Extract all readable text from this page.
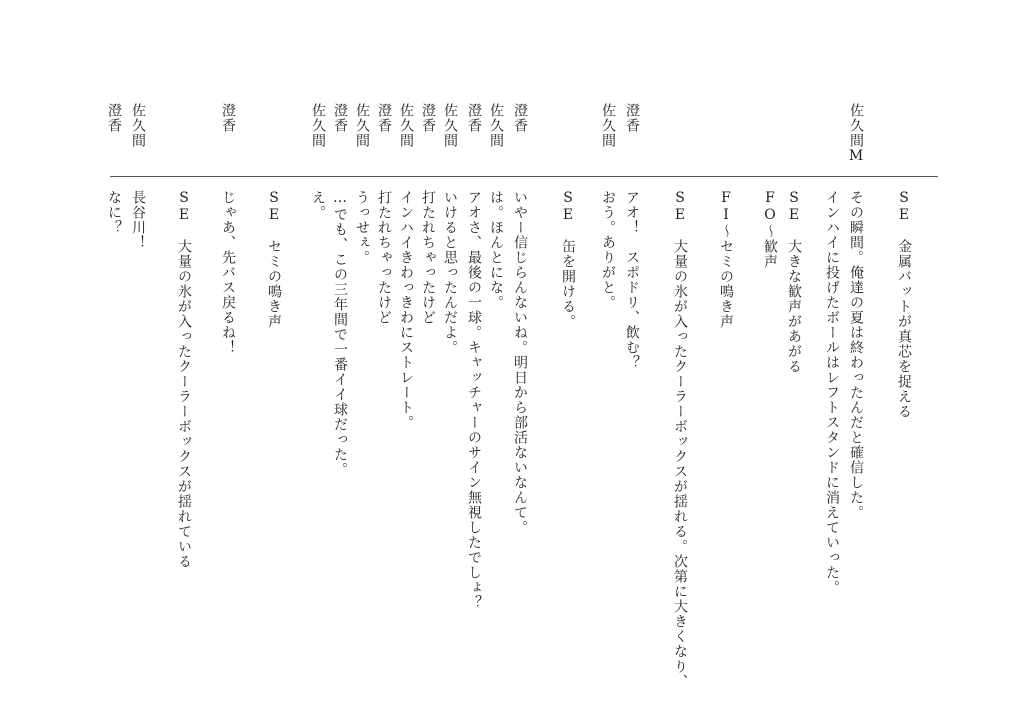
SE　金属バットが真芯を捉える
佐久間M
その瞬間。俺達の夏は終わったんだと確信した。
インハイに投げたボールはレフトスタンドに消えていった。
SE　大きな歓声があがる
FO〜歓声
FI〜セミの鳴き声
SE　大量の氷が入ったクーラーボックスが揺れる。次第に大きくなり、
澄香
アオ！　スポドリ、飲む？
佐久間
おう。ありがと。
SE　缶を開ける。
澄香
いやー信じらんないね。明日から部活ないなんて。
佐久間
は。ほんとにな。
澄香
アオさ、最後の一球。キャッチャーのサイン無視したでしょ？
佐久間
いけると思ったんだよ。
澄香
打たれちゃったけど
佐久間
インハイきわっきわにストレート。
澄香
打たれちゃったけど
佐久間
うっせぇ。
澄香
…でも、この三年間で一番イイ球だった。
佐久間
え。
SE　セミの鳴き声
澄香
じゃあ、先バス戻るね！
SE　大量の氷が入ったクーラーボックスが揺れている
佐久間
長谷川！
澄香
なに？
